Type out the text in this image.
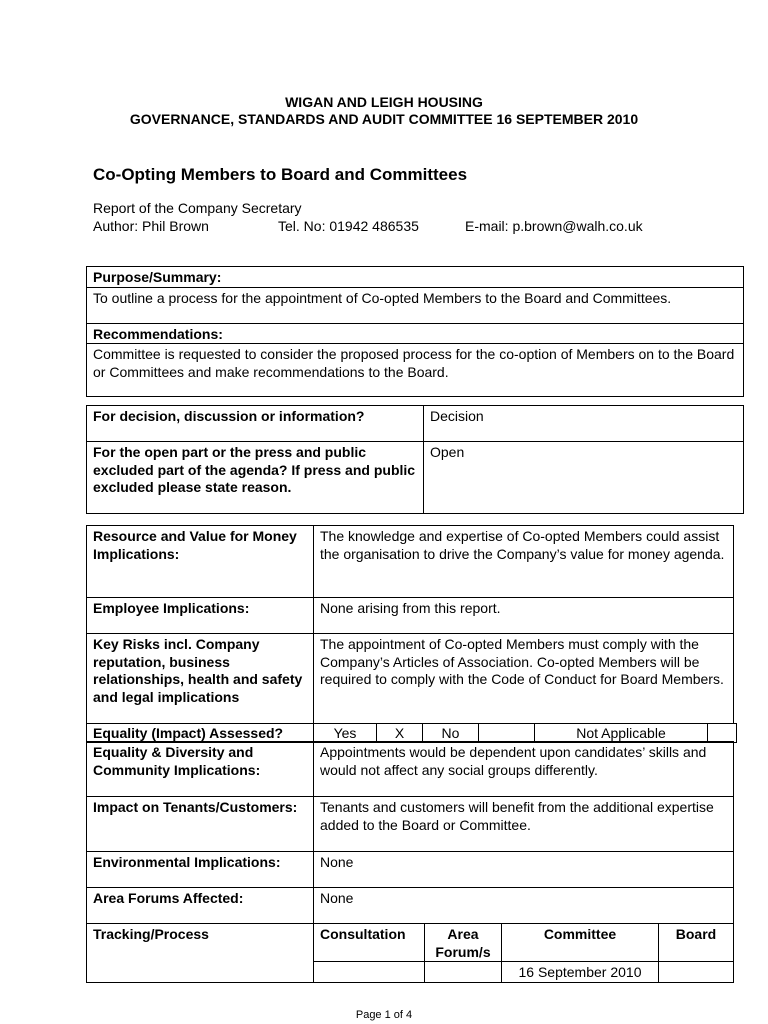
WIGAN AND LEIGH HOUSING
GOVERNANCE, STANDARDS AND AUDIT COMMITTEE 16 SEPTEMBER 2010
Co-Opting Members to Board and Committees
Report of the Company Secretary
Author: Phil Brown	Tel. No: 01942 486535	E-mail: p.brown@walh.co.uk
Purpose/Summary:
To outline a process for the appointment of Co-opted Members to the Board and Committees.
Recommendations:
Committee is requested to consider the proposed process for the co-option of Members on to the Board or Committees and make recommendations to the Board.
For decision, discussion or information?	Decision
For the open part or the press and public excluded part of the agenda? If press and public excluded please state reason.	Open
Resource and Value for Money Implications:	The knowledge and expertise of Co-opted Members could assist the organisation to drive the Company’s value for money agenda.
Employee Implications:	None arising from this report.
Key Risks incl. Company reputation, business relationships, health and safety and legal implications	The appointment of Co-opted Members must comply with the Company’s Articles of Association. Co-opted Members will be required to comply with the Code of Conduct for Board Members.
Equality (Impact) Assessed?	Yes	X	No		Not Applicable	
Equality & Diversity and Community Implications:	Appointments would be dependent upon candidates’ skills and would not affect any social groups differently.
Impact on Tenants/Customers:	Tenants and customers will benefit from the additional expertise added to the Board or Committee.
Environmental Implications:	None
Area Forums Affected:	None
Tracking/Process	Consultation	Area Forum/s	Committee	Board
			16 September 2010	
Page 1 of 4
